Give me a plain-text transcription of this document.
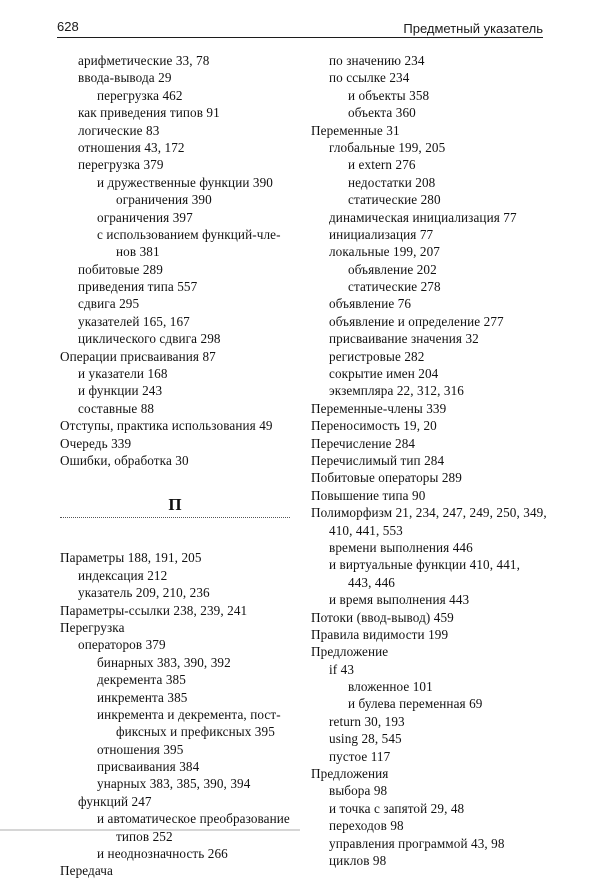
628	Предметный указатель
арифметические 33, 78
ввода-вывода 29
перегрузка 462
как приведения типов 91
логические 83
отношения 43, 172
перегрузка 379
и дружественные функции 390
ограничения 390
ограничения 397
с использованием функций-чле-
нов 381
побитовые 289
приведения типа 557
сдвига 295
указателей 165, 167
циклического сдвига 298
Операции присваивания 87
и указатели 168
и функции 243
составные 88
Отступы, практика использования 49
Очередь 339
Ошибки, обработка 30
П
Параметры 188, 191, 205
индексация 212
указатель 209, 210, 236
Параметры-ссылки 238, 239, 241
Перегрузка
операторов 379
бинарных 383, 390, 392
декремента 385
инкремента 385
инкремента и декремента, пост-
фиксных и префиксных 395
отношения 395
присваивания 384
унарных 383, 385, 390, 394
функций 247
и автоматическое преобразование
типов 252
и неоднозначность 266
Передача
по значению 234
по ссылке 234
и объекты 358
объекта 360
Переменные 31
глобальные 199, 205
и extern 276
недостатки 208
статические 280
динамическая инициализация 77
инициализация 77
локальные 199, 207
объявление 202
статические 278
объявление 76
объявление и определение 277
присваивание значения 32
регистровые 282
сокрытие имен 204
экземпляра 22, 312, 316
Переменные-члены 339
Переносимость 19, 20
Перечисление 284
Перечислимый тип 284
Побитовые операторы 289
Повышение типа 90
Полиморфизм 21, 234, 247, 249, 250, 349,
410, 441, 553
времени выполнения 446
и виртуальные функции 410, 441,
443, 446
и время выполнения 443
Потоки (ввод-вывод) 459
Правила видимости 199
Предложение
if 43
вложенное 101
и булева переменная 69
return 30, 193
using 28, 545
пустое 117
Предложения
выбора 98
и точка с запятой 29, 48
переходов 98
управления программой 43, 98
циклов 98
